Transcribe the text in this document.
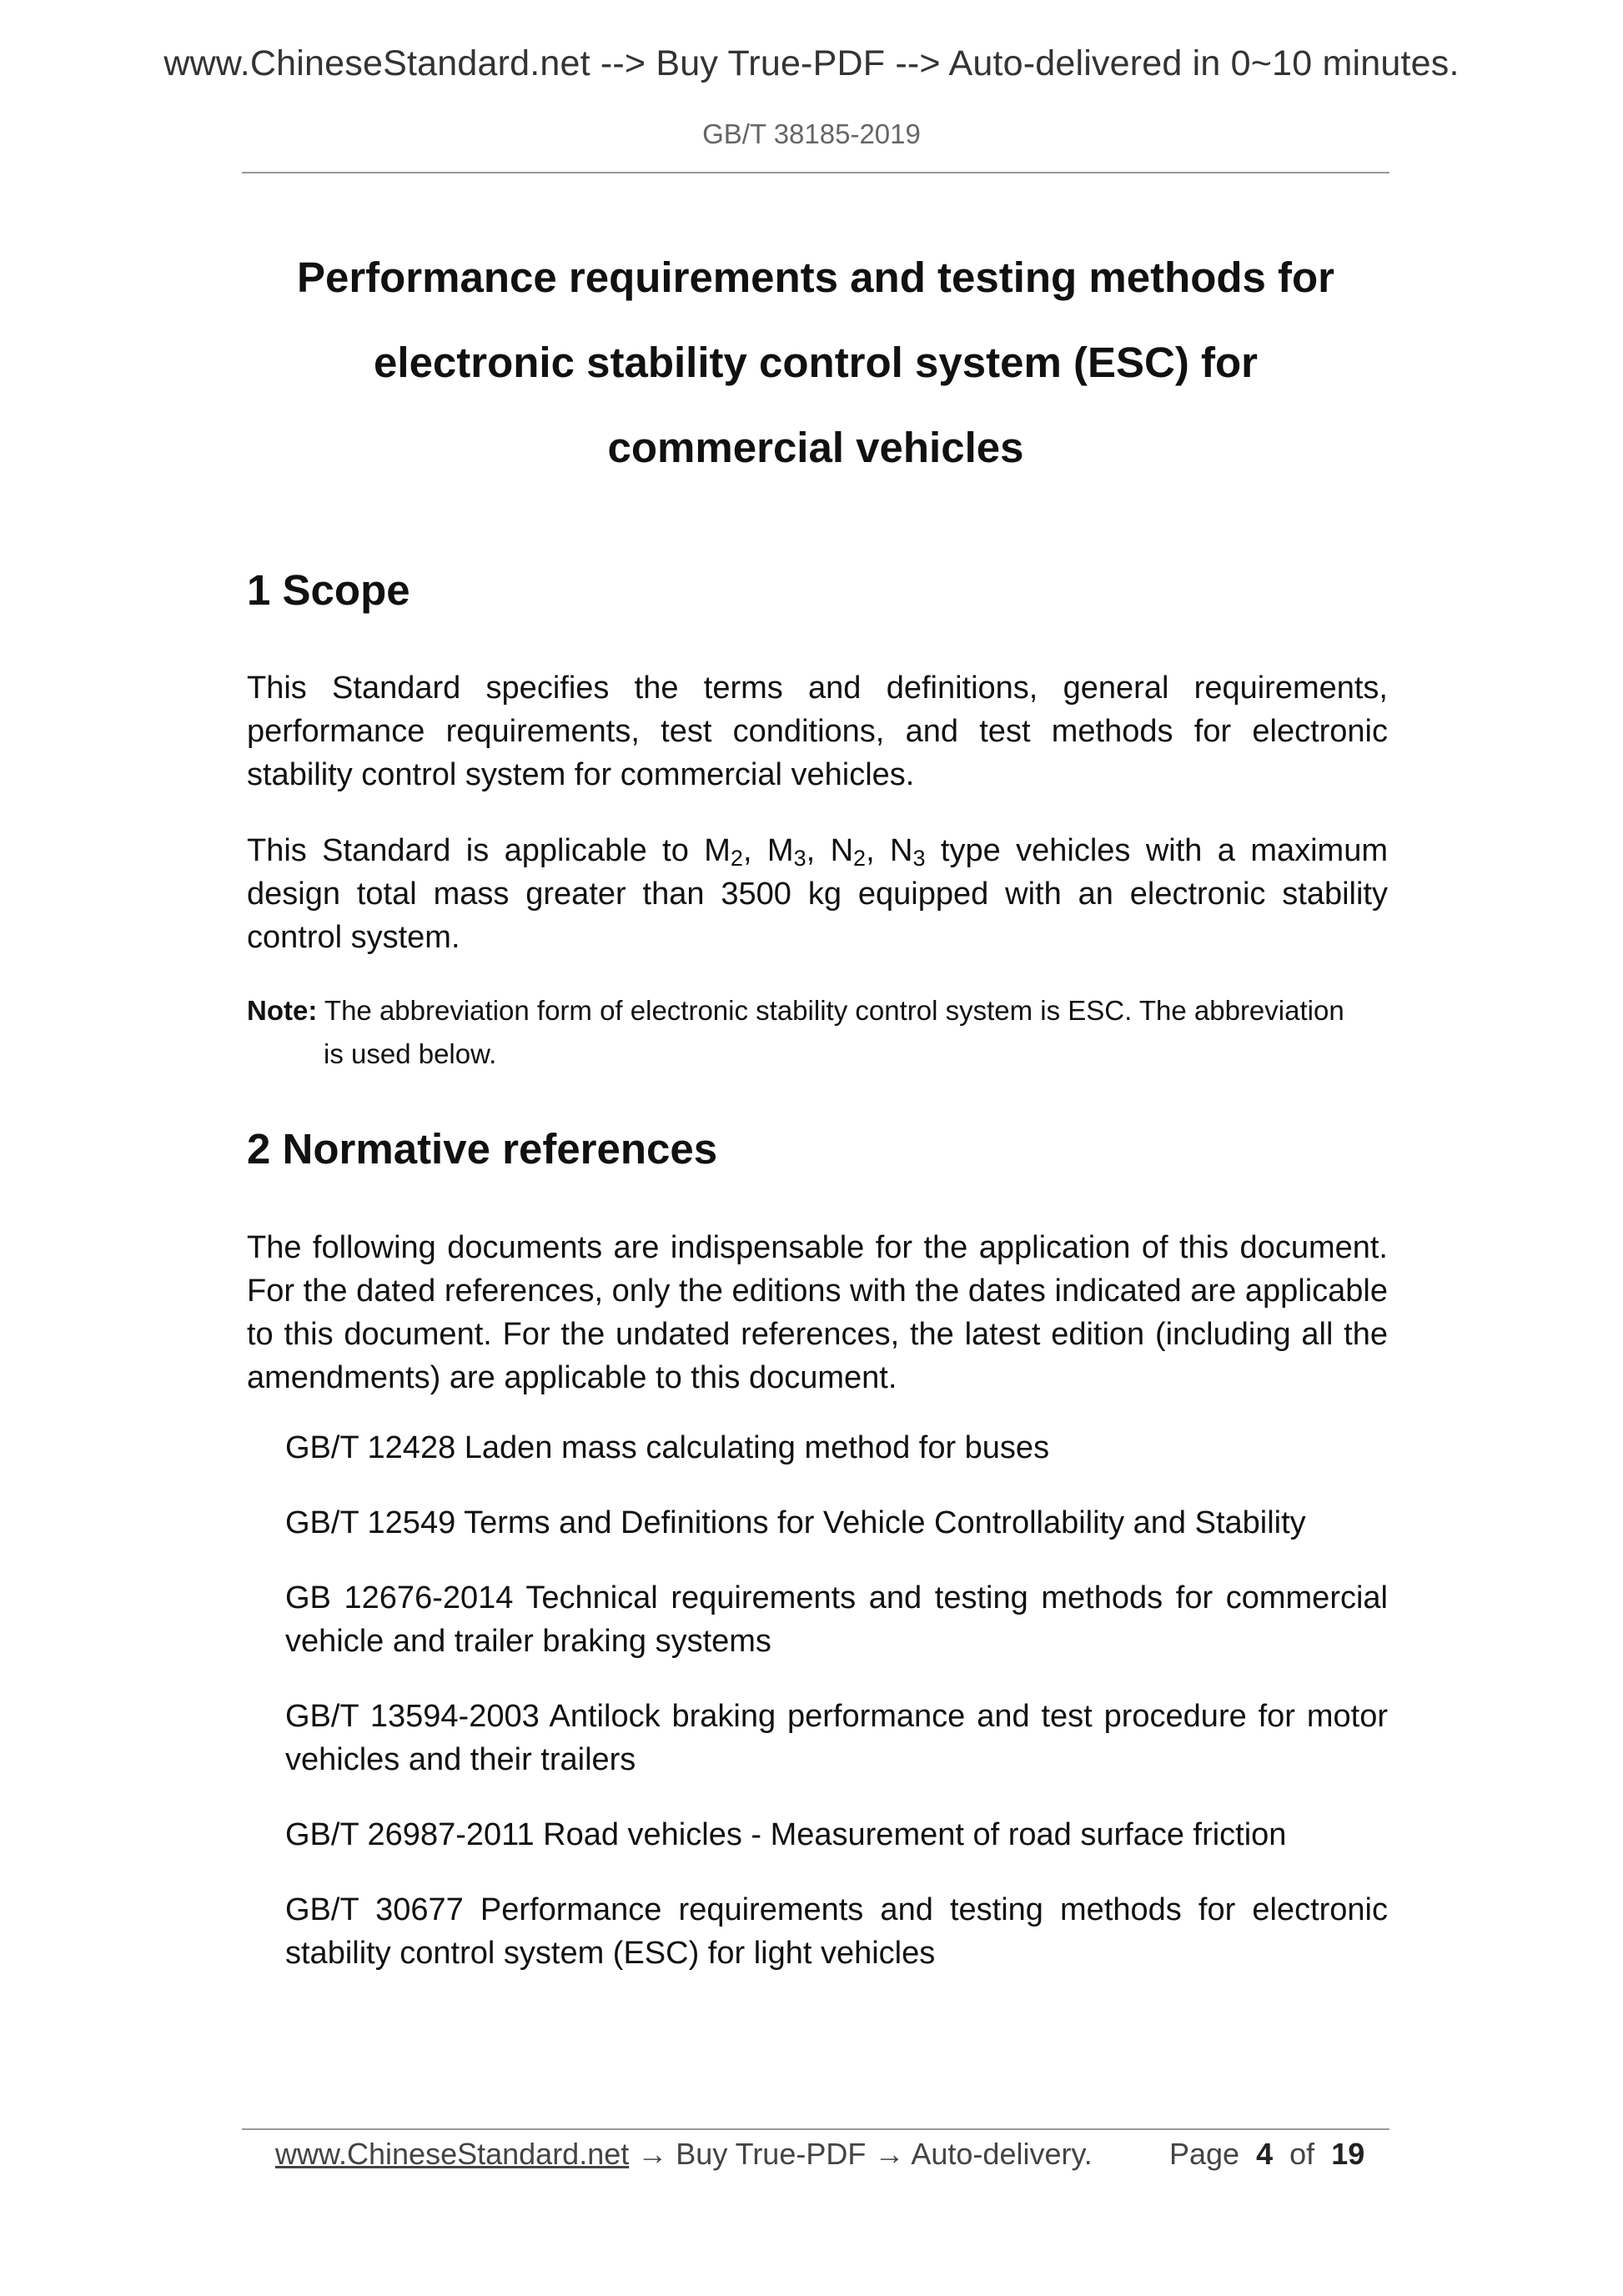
www.ChineseStandard.net --> Buy True-PDF --> Auto-delivered in 0~10 minutes.
GB/T 38185-2019
Performance requirements and testing methods for
electronic stability control system (ESC) for
commercial vehicles
1 Scope
This Standard specifies the terms and definitions, general requirements, performance requirements, test conditions, and test methods for electronic stability control system for commercial vehicles.
This Standard is applicable to $M_2$, $M_3$, $N_2$, $N_3$ type vehicles with a maximum design total mass greater than 3500 kg equipped with an electronic stability control system.
Note: The abbreviation form of electronic stability control system is ESC. The abbreviation
is used below.
2 Normative references
The following documents are indispensable for the application of this document. For the dated references, only the editions with the dates indicated are applicable to this document. For the undated references, the latest edition (including all the amendments) are applicable to this document.
GB/T 12428 Laden mass calculating method for buses
GB/T 12549 Terms and Definitions for Vehicle Controllability and Stability
GB 12676-2014 Technical requirements and testing methods for commercial vehicle and trailer braking systems
GB/T 13594-2003 Antilock braking performance and test procedure for motor vehicles and their trailers
GB/T 26987-2011 Road vehicles - Measurement of road surface friction
GB/T 30677 Performance requirements and testing methods for electronic stability control system (ESC) for light vehicles
www.ChineseStandard.net → Buy True-PDF → Auto-delivery.	Page 4 of 19
